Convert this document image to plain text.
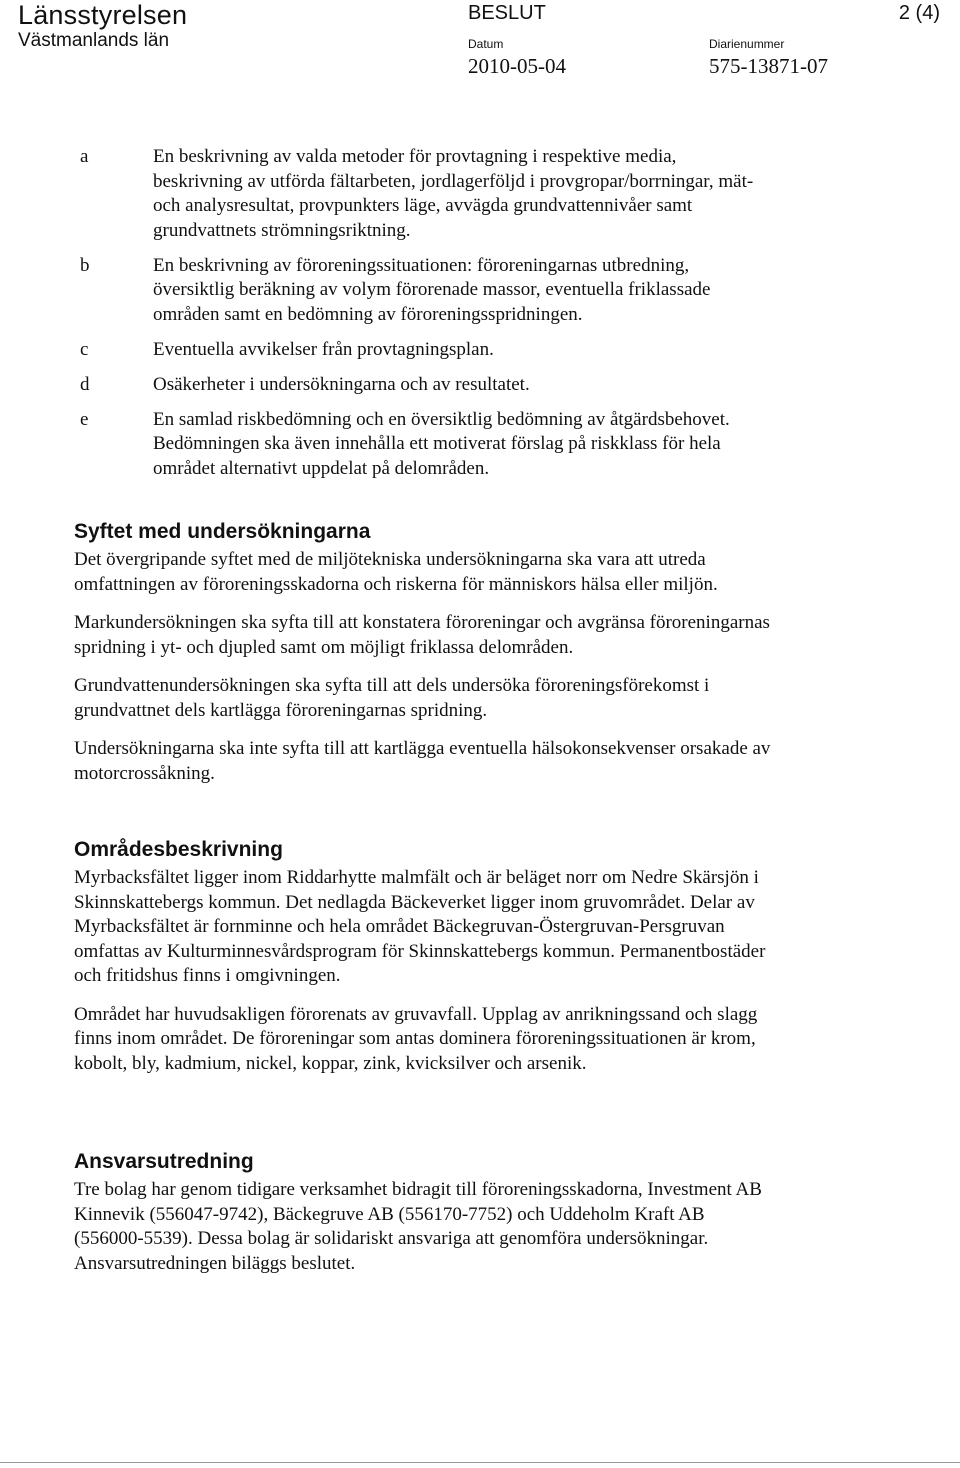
Länsstyrelsen
Västmanlands län
BESLUT	2 (4)
Datum	Diarienummer
2010-05-04	575-13871-07
a	En beskrivning av valda metoder för provtagning i respektive media, beskrivning av utförda fältarbeten, jordlagerföljd i provgropar/borrningar, mät- och analysresultat, provpunkters läge, avvägda grundvattennivåer samt grundvattnets strömningsriktning.
b	En beskrivning av föroreningssituationen: föroreningarnas utbredning, översiktlig beräkning av volym förorenade massor, eventuella friklassade områden samt en bedömning av föroreningsspridningen.
c	Eventuella avvikelser från provtagningsplan.
d	Osäkerheter i undersökningarna och av resultatet.
e	En samlad riskbedömning och en översiktlig bedömning av åtgärdsbehovet. Bedömningen ska även innehålla ett motiverat förslag på riskklass för hela området alternativt uppdelat på delområden.
Syftet med undersökningarna

Det övergripande syftet med de miljötekniska undersökningarna ska vara att utreda omfattningen av föroreningsskadorna och riskerna för människors hälsa eller miljön.

Markundersökningen ska syfta till att konstatera föroreningar och avgränsa föroreningarnas spridning i yt- och djupled samt om möjligt friklassa delområden.

Grundvattenundersökningen ska syfta till att dels undersöka föroreningsförekomst i grundvattnet dels kartlägga föroreningarnas spridning.

Undersökningarna ska inte syfta till att kartlägga eventuella hälsokonsekvenser orsakade av motorcrossåkning.

Områdesbeskrivning

Myrbacksfältet ligger inom Riddarhytte malmfält och är beläget norr om Nedre Skärsjön i Skinnskattebergs kommun. Det nedlagda Bäckeverket ligger inom gruvområdet. Delar av Myrbacksfältet är fornminne och hela området Bäckegruvan-Östergruvan-Persgruvan omfattas av Kulturminnesvårdsprogram för Skinnskattebergs kommun. Permanentbostäder och fritidshus finns i omgivningen.

Området har huvudsakligen förorenats av gruvavfall. Upplag av anrikningssand och slagg finns inom området. De föroreningar som antas dominera föroreningssituationen är krom, kobolt, bly, kadmium, nickel, koppar, zink, kvicksilver och arsenik.

Ansvarsutredning

Tre bolag har genom tidigare verksamhet bidragit till föroreningsskadorna, Investment AB Kinnevik (556047-9742), Bäckegruve AB (556170-7752) och Uddeholm Kraft AB (556000-5539). Dessa bolag är solidariskt ansvariga att genomföra undersökningar. Ansvarsutredningen biläggs beslutet.
